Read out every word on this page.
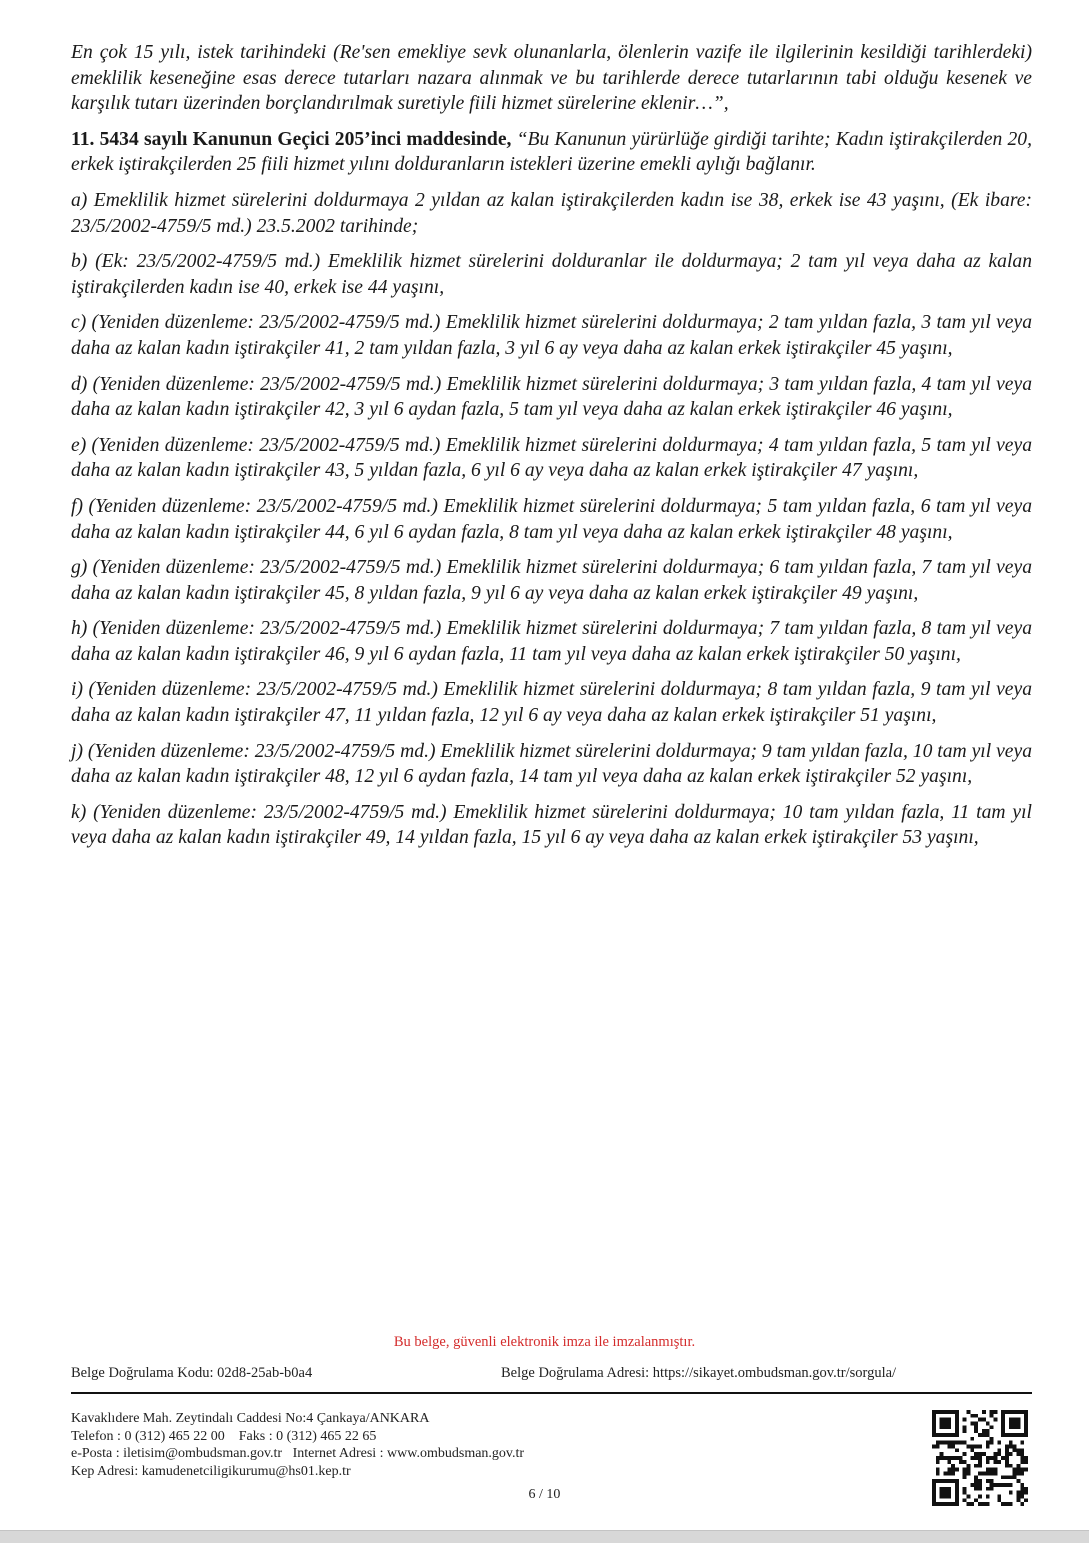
En çok 15 yılı, istek tarihindeki (Re'sen emekliye sevk olunanlarla, ölenlerin vazife ile ilgilerinin kesildiği tarihlerdeki) emeklilik keseneğine esas derece tutarları nazara alınmak ve bu tarihlerde derece tutarlarının tabi olduğu kesenek ve karşılık tutarı üzerinden borçlandırılmak suretiyle fiili hizmet sürelerine eklenir…”,

11. 5434 sayılı Kanunun Geçici 205’inci maddesinde, “Bu Kanunun yürürlüğe girdiği tarihte; Kadın iştirakçilerden 20, erkek iştirakçilerden 25 fiili hizmet yılını dolduranların istekleri üzerine emekli aylığı bağlanır.

a) Emeklilik hizmet sürelerini doldurmaya 2 yıldan az kalan iştirakçilerden kadın ise 38, erkek ise 43 yaşını, (Ek ibare: 23/5/2002-4759/5 md.) 23.5.2002 tarihinde;

b) (Ek: 23/5/2002-4759/5 md.) Emeklilik hizmet sürelerini dolduranlar ile doldurmaya; 2 tam yıl veya daha az kalan iştirakçilerden kadın ise 40, erkek ise 44 yaşını,

c) (Yeniden düzenleme: 23/5/2002-4759/5 md.) Emeklilik hizmet sürelerini doldurmaya; 2 tam yıldan fazla, 3 tam yıl veya daha az kalan kadın iştirakçiler 41, 2 tam yıldan fazla, 3 yıl 6 ay veya daha az kalan erkek iştirakçiler 45 yaşını,

d) (Yeniden düzenleme: 23/5/2002-4759/5 md.) Emeklilik hizmet sürelerini doldurmaya; 3 tam yıldan fazla, 4 tam yıl veya daha az kalan kadın iştirakçiler 42, 3 yıl 6 aydan fazla, 5 tam yıl veya daha az kalan erkek iştirakçiler 46 yaşını,

e) (Yeniden düzenleme: 23/5/2002-4759/5 md.) Emeklilik hizmet sürelerini doldurmaya; 4 tam yıldan fazla, 5 tam yıl veya daha az kalan kadın iştirakçiler 43, 5 yıldan fazla, 6 yıl 6 ay veya daha az kalan erkek iştirakçiler 47 yaşını,

f) (Yeniden düzenleme: 23/5/2002-4759/5 md.) Emeklilik hizmet sürelerini doldurmaya; 5 tam yıldan fazla, 6 tam yıl veya daha az kalan kadın iştirakçiler 44, 6 yıl 6 aydan fazla, 8 tam yıl veya daha az kalan erkek iştirakçiler 48 yaşını,

g) (Yeniden düzenleme: 23/5/2002-4759/5 md.) Emeklilik hizmet sürelerini doldurmaya; 6 tam yıldan fazla, 7 tam yıl veya daha az kalan kadın iştirakçiler 45, 8 yıldan fazla, 9 yıl 6 ay veya daha az kalan erkek iştirakçiler 49 yaşını,

h) (Yeniden düzenleme: 23/5/2002-4759/5 md.) Emeklilik hizmet sürelerini doldurmaya; 7 tam yıldan fazla, 8 tam yıl veya daha az kalan kadın iştirakçiler 46, 9 yıl 6 aydan fazla, 11 tam yıl veya daha az kalan erkek iştirakçiler 50 yaşını,

i) (Yeniden düzenleme: 23/5/2002-4759/5 md.) Emeklilik hizmet sürelerini doldurmaya; 8 tam yıldan fazla, 9 tam yıl veya daha az kalan kadın iştirakçiler 47, 11 yıldan fazla, 12 yıl 6 ay veya daha az kalan erkek iştirakçiler 51 yaşını,

j) (Yeniden düzenleme: 23/5/2002-4759/5 md.) Emeklilik hizmet sürelerini doldurmaya; 9 tam yıldan fazla, 10 tam yıl veya daha az kalan kadın iştirakçiler 48, 12 yıl 6 aydan fazla, 14 tam yıl veya daha az kalan erkek iştirakçiler 52 yaşını,

k) (Yeniden düzenleme: 23/5/2002-4759/5 md.) Emeklilik hizmet sürelerini doldurmaya; 10 tam yıldan fazla, 11 tam yıl veya daha az kalan kadın iştirakçiler 49, 14 yıldan fazla, 15 yıl 6 ay veya daha az kalan erkek iştirakçiler 53 yaşını,

Bu belge, güvenli elektronik imza ile imzalanmıştır.
Belge Doğrulama Kodu: 02d8-25ab-b0a4	Belge Doğrulama Adresi: https://sikayet.ombudsman.gov.tr/sorgula/
Kavaklıdere Mah. Zeytindalı Caddesi No:4 Çankaya/ANKARA
Telefon : 0 (312) 465 22 00    Faks : 0 (312) 465 22 65
e-Posta : iletisim@ombudsman.gov.tr   Internet Adresi : www.ombudsman.gov.tr
Kep Adresi: kamudenetciligikurumu@hs01.kep.tr
6 / 10
